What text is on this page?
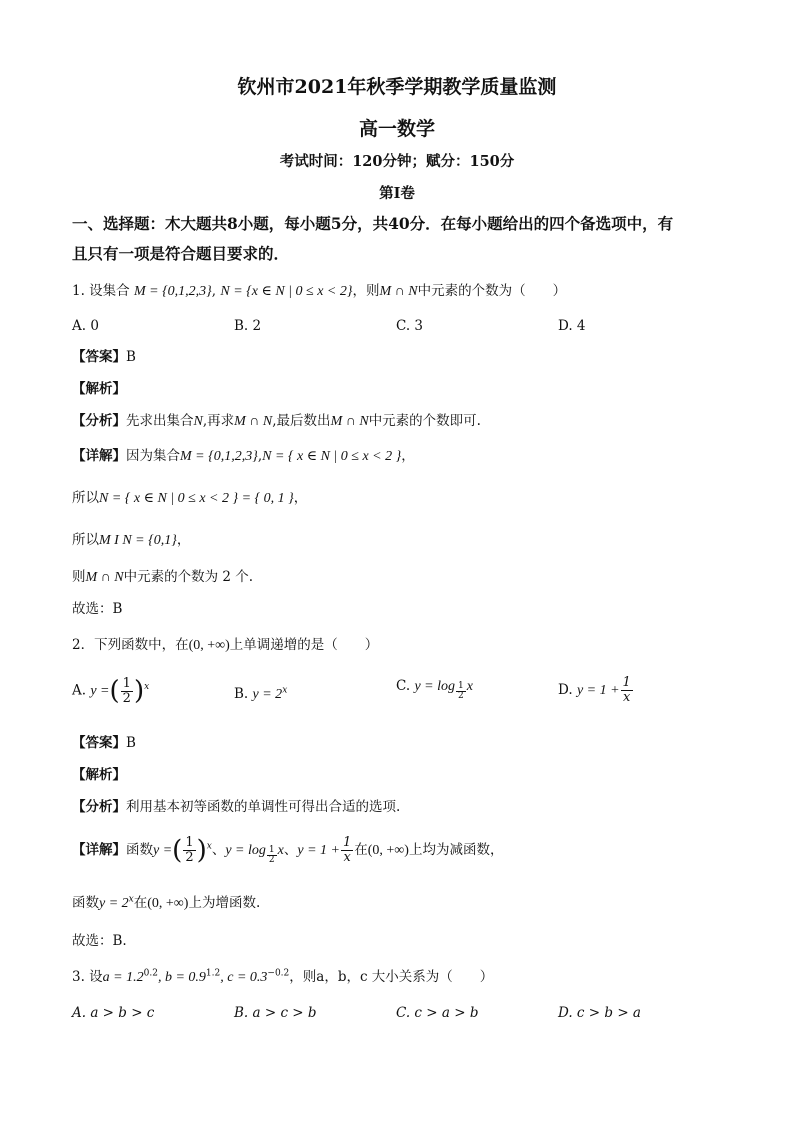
钦州市2021年秋季学期教学质量监测
高一数学
考试时间：120分钟；赋分：150分
第I卷
一、选择题：木大题共8小题，每小题5分，共40分．在每小题给出的四个备选项中，有
且只有一项是符合题目要求的．
1. 设集合 M = {0,1,2,3}, N = {x ∈ N | 0 ≤ x < 2}，则M ∩ N中元素的个数为（　　）
A. 0	B. 2	C. 3	D. 4
【答案】B
【解析】
【分析】先求出集合N,再求M ∩ N,最后数出M ∩ N中元素的个数即可.
【详解】因为集合M = {0,1,2,3},N = { x ∈ N | 0 ≤ x < 2 }，
所以N = { x ∈ N | 0 ≤ x < 2 } = { 0, 1 }，
所以M I N = {0,1}，
则M ∩ N中元素的个数为 2 个.
故选：B
2．下列函数中，在(0, +∞)上单调递增的是（　　）
A. y =( $\frac{1}{2} )^x$	B. $y = 2^x$	C. $y = \log \frac{1}{2}$ x	D. $y = 1 + \frac{1}{x}$
【答案】B
【解析】
【分析】利用基本初等函数的单调性可得出合适的选项.
【详解】函数y =( $\frac{1}{2} )^x$、$y = \log \frac{1}{2}$ x、$y = 1 + \frac{1}{x}$ 在(0, +∞)上均为减函数，
函数$y = 2^x$在(0, +∞)上为增函数.
故选：B.
3. 设$a = 1.2^{0.2}$, $b = 0.9^{1.2}$, $c = 0.3^{-0.2}$，则a，b，c 大小关系为（　　）
A. a > b > c	B. a > c > b	C. c > a > b	D. c > b > a
